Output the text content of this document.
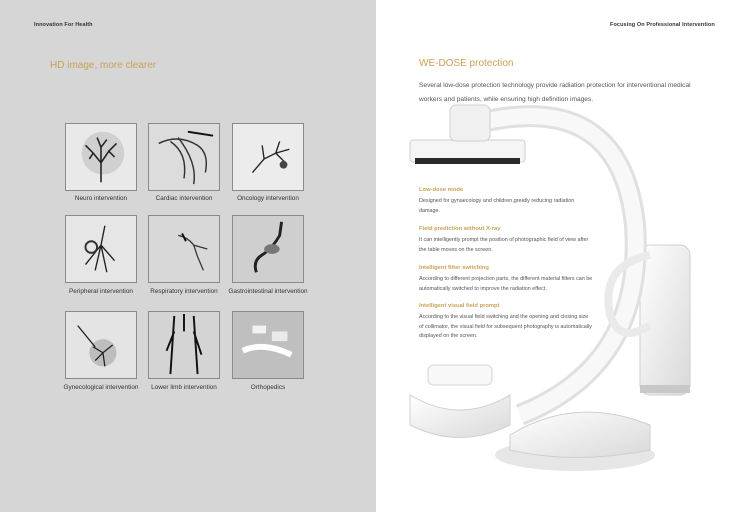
Innovation For Health
HD image, more clearer
Neuro intervention	Cardiac intervention	Oncology intervention
Peripheral intervention	Respiratory intervention	Gastrointestinal intervention
Gynecological intervention	Lower limb intervention	Orthopedics
Focusing On Professional Intervention
WE-DOSE protection
Several low-dose protection technology provide radiation protection for interventional medical workers and patients, while ensuring high definition images.
Low-dose mode
Designed for gynaecology and children,greatly reducing radiation damage.
Field prediction without X-ray
It can intelligently prompt the position of photographic field of view after the table moves on the screen.
Intelligent filter switching
According to different projection parts, the different material filters can be automatically switched to improve the radiation effect.
Intelligent visual field prompt
According to the visual field switching and the opening and closing size of collimator, the visual field for subsequent photography is automatically displayed on the screen.
